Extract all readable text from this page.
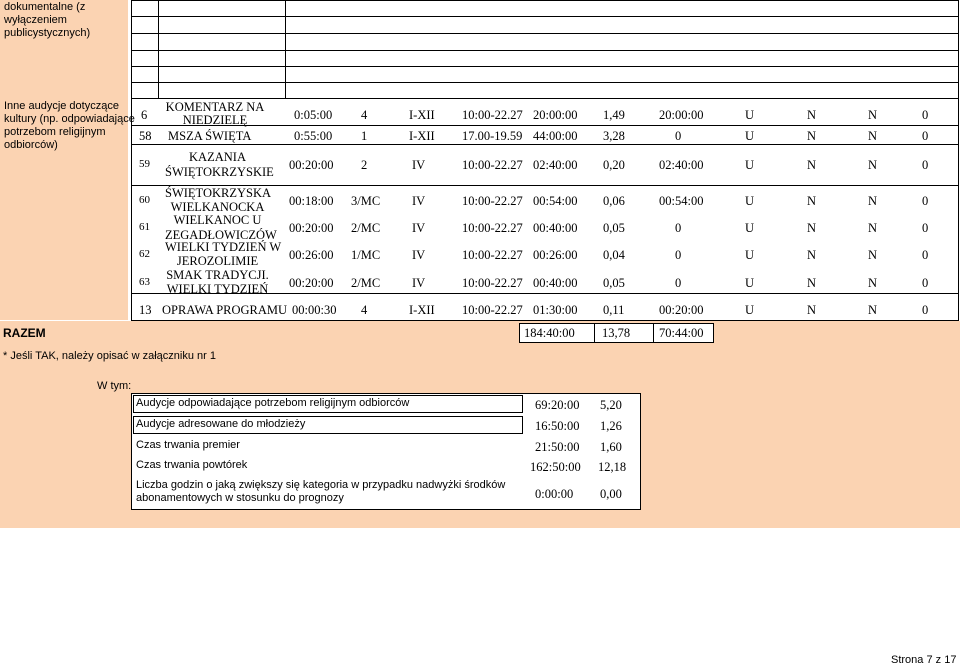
dokumentalne (z
wyłączeniem
publicystycznych)
Inne audycje dotyczące
kultury (np. odpowiadające
potrzebom religijnym
odbiorców)
6
KOMENTARZ NA
NIEDZIELĘ	0:05:00 4	I-XII 10:00-22.27 20:00:00 1,49	20:00:00	U	N	N	0
58 MSZA ŚWIĘTA	0:55:00 1	I-XII 17.00-19.59 44:00:00 3,28	0	U	N	N	0
59	KAZANIA
ŚWIĘTOKRZYSKIE 00:20:00 2	IV	10:00-22.27 02:40:00 0,20	02:40:00	U	N	N	0
60 ŚWIĘTOKRZYSKA
WIELKANOCKA	00:18:00 3/MC	IV	10:00-22.27 00:54:00 0,06	00:54:00	U	N	N	0
61	WIELKANOC U
ZEGADŁOWICZÓW 00:20:00 2/MC	IV	10:00-22.27 00:40:00 0,05	0	U	N	N	0
62 WIELKI TYDZIEŃ W
JEROZOLIMIE	00:26:00 1/MC	IV	10:00-22.27 00:26:00 0,04	0	U	N	N	0
63 SMAK TRADYCJI.
WIELKI TYDZIEŃ 00:20:00 2/MC	IV	10:00-22.27 00:40:00 0,05	0	U	N	N	0
13 OPRAWA PROGRAMU 00:00:30 4	I-XII 10:00-22.27 01:30:00 0,11	00:20:00	U	N	N	0
RAZEM	184:40:00 13,78 70:44:00
* Jeśli TAK, należy opisać w załączniku nr 1
W tym:
Audycje odpowiadające potrzebom religijnym odbiorców	69:20:00 5,20
Audycje adresowane do młodzieży	16:50:00 1,26
Czas trwania premier	21:50:00 1,60
Czas trwania powtórek	162:50:00 12,18
Liczba godzin o jaką zwiększy się kategoria w przypadku nadwyżki środków
abonamentowych w stosunku do prognozy	0:00:00 0,00
Strona 7 z 17
